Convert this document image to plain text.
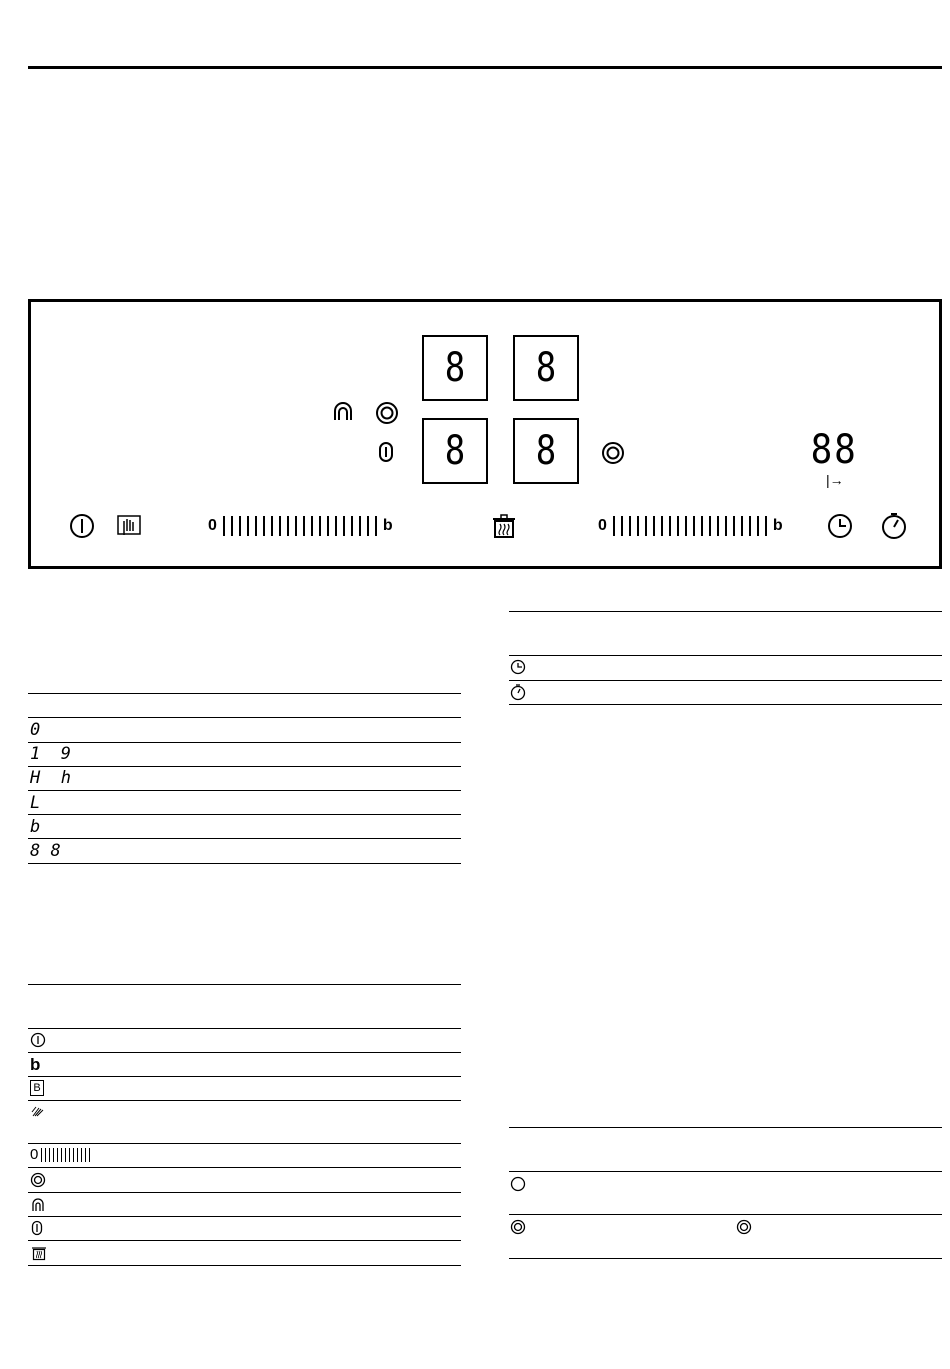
8 8
8 8	88
|→
0	b	0	b
0
1  9
H  h
L
b
8 8
b
B
0
